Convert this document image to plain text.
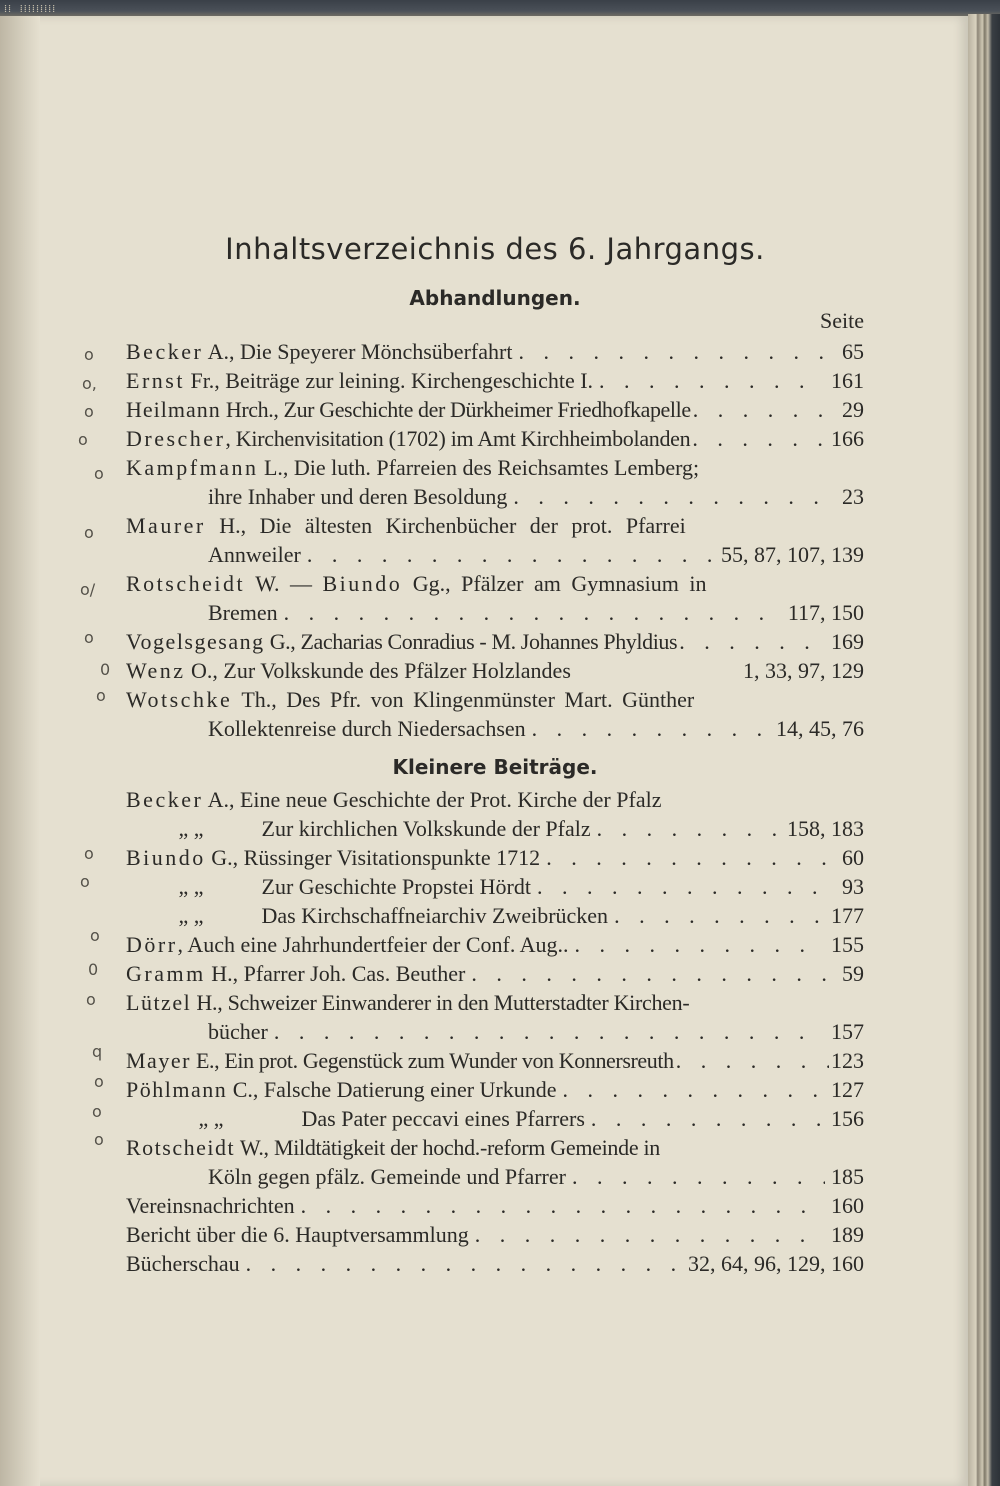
⁞⁞ ⁞⁞⁞⁞⁞⁞⁞⁞⁞
Inhaltsverzeichnis des 6. Jahrgangs.
Abhandlungen.
Seite
Becker A., Die Speyerer Mönchsüberfahrt . . .	65
Ernst Fr., Beiträge zur leining. Kirchengeschichte I. . . .	161
Heilmann Hrch., Zur Geschichte der Dürkheimer Friedhofkapelle . . .	29
Drescher, Kirchenvisitation (1702) im Amt Kirchheimbolanden . . .	166
Kampfmann L., Die luth. Pfarreien des Reichsamtes Lemberg;
ihre Inhaber und deren Besoldung . . .	23
Maurer H., Die ältesten Kirchenbücher der prot. Pfarrei
Annweiler . . .	55, 87, 107, 139
Rotscheidt W. — Biundo Gg., Pfälzer am Gymnasium in
Bremen . . .	117, 150
Vogelsgesang G., Zacharias Conradius - M. Johannes Phyldius . . .	169
Wenz O., Zur Volkskunde des Pfälzer Holzlandes	1, 33, 97, 129
Wotschke Th., Des Pfr. von Klingenmünster Mart. Günther
Kollektenreise durch Niedersachsen . . .	14, 45, 76
Kleinere Beiträge.
Becker A., Eine neue Geschichte der Prot. Kirche der Pfalz
„ „	Zur kirchlichen Volkskunde der Pfalz . . .	158, 183
Biundo G., Rüssinger Visitationspunkte 1712 . . .	60
„ „	Zur Geschichte Propstei Hördt . . .	93
„ „	Das Kirchschaffneiarchiv Zweibrücken . . .	177
Dörr, Auch eine Jahrhundertfeier der Conf. Aug.. . . .	155
Gramm H., Pfarrer Joh. Cas. Beuther . . .	59
Lützel H., Schweizer Einwanderer in den Mutterstadter Kirchen-
bücher . . .	157
Mayer E., Ein prot. Gegenstück zum Wunder von Konnersreuth . . .	123
Pöhlmann C., Falsche Datierung einer Urkunde . . .	127
„ „	Das Pater peccavi eines Pfarrers . . .	156
Rotscheidt W., Mildtätigkeit der hochd.-reform Gemeinde in
Köln gegen pfälz. Gemeinde und Pfarrer . . .	185
Vereinsnachrichten . . .	160
Bericht über die 6. Hauptversammlung . . .	189
Bücherschau . . .	32, 64, 96, 129, 160
o
o,
o
o
o
o
o/
o
0
o
o
o
o
0
o
q
o
o
o
